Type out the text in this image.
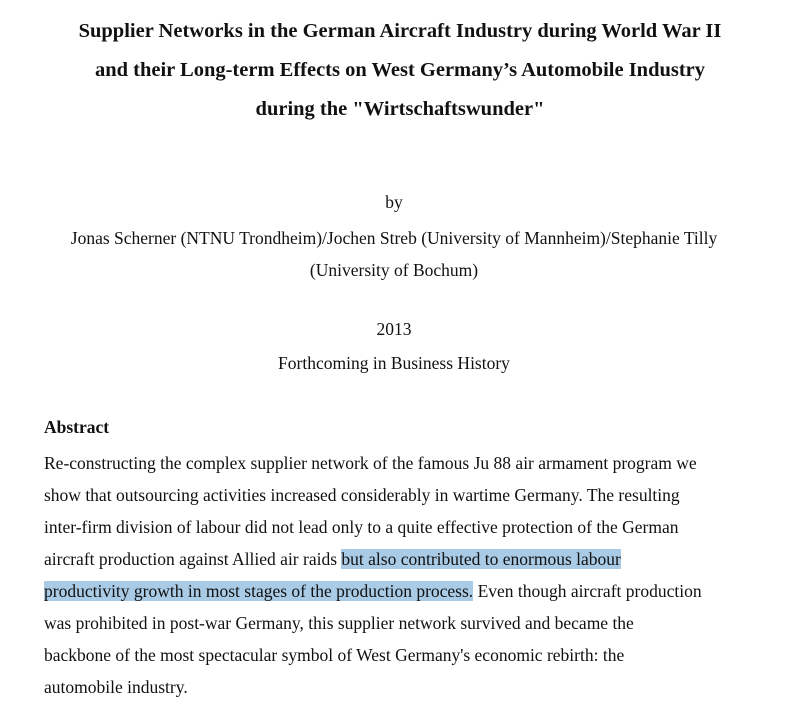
Supplier Networks in the German Aircraft Industry during World War II
and their Long-term Effects on West Germany’s Automobile Industry
during the "Wirtschaftswunder"
by
Jonas Scherner (NTNU Trondheim)/Jochen Streb (University of Mannheim)/Stephanie Tilly
(University of Bochum)
2013
Forthcoming in Business History
Abstract
Re-constructing the complex supplier network of the famous Ju 88 air armament program we
show that outsourcing activities increased considerably in wartime Germany. The resulting
inter-firm division of labour did not lead only to a quite effective protection of the German
aircraft production against Allied air raids but also contributed to enormous labour
productivity growth in most stages of the production process. Even though aircraft production
was prohibited in post-war Germany, this supplier network survived and became the
backbone of the most spectacular symbol of West Germany's economic rebirth: the
automobile industry.
